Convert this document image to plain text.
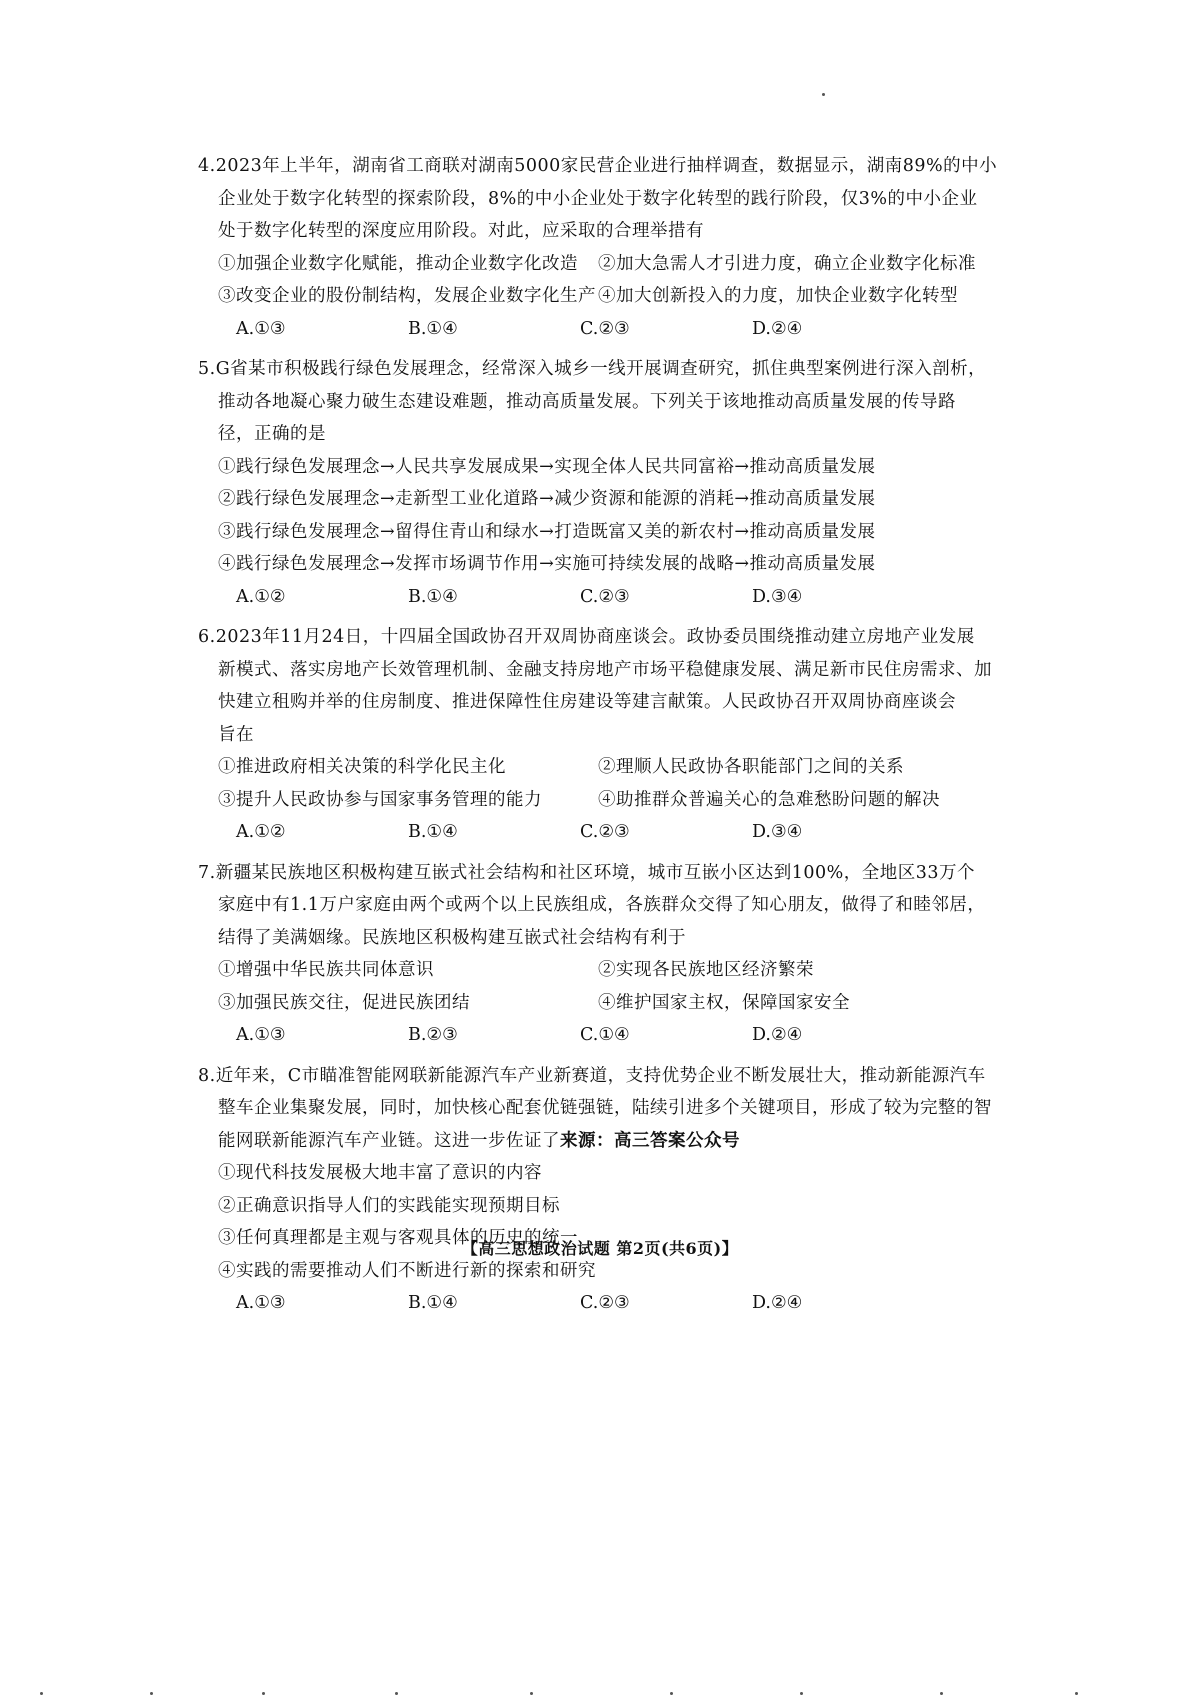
4.2023年上半年，湖南省工商联对湖南5000家民营企业进行抽样调查，数据显示，湖南89%的中小
企业处于数字化转型的探索阶段，8%的中小企业处于数字化转型的践行阶段，仅3%的中小企业
处于数字化转型的深度应用阶段。对此，应采取的合理举措有
①加强企业数字化赋能，推动企业数字化改造	②加大急需人才引进力度，确立企业数字化标准
③改变企业的股份制结构，发展企业数字化生产 ④加大创新投入的力度，加快企业数字化转型
A.①③	B.①④	C.②③	D.②④
5.G省某市积极践行绿色发展理念，经常深入城乡一线开展调查研究，抓住典型案例进行深入剖析，
推动各地凝心聚力破生态建设难题，推动高质量发展。下列关于该地推动高质量发展的传导路
径，正确的是
①践行绿色发展理念→人民共享发展成果→实现全体人民共同富裕→推动高质量发展
②践行绿色发展理念→走新型工业化道路→减少资源和能源的消耗→推动高质量发展
③践行绿色发展理念→留得住青山和绿水→打造既富又美的新农村→推动高质量发展
④践行绿色发展理念→发挥市场调节作用→实施可持续发展的战略→推动高质量发展
A.①②	B.①④	C.②③	D.③④
6.2023年11月24日，十四届全国政协召开双周协商座谈会。政协委员围绕推动建立房地产业发展
新模式、落实房地产长效管理机制、金融支持房地产市场平稳健康发展、满足新市民住房需求、加
快建立租购并举的住房制度、推进保障性住房建设等建言献策。人民政协召开双周协商座谈会
旨在
①推进政府相关决策的科学化民主化	②理顺人民政协各职能部门之间的关系
③提升人民政协参与国家事务管理的能力	④助推群众普遍关心的急难愁盼问题的解决
A.①②	B.①④	C.②③	D.③④
7.新疆某民族地区积极构建互嵌式社会结构和社区环境，城市互嵌小区达到100%，全地区33万个
家庭中有1.1万户家庭由两个或两个以上民族组成，各族群众交得了知心朋友，做得了和睦邻居，
结得了美满姻缘。民族地区积极构建互嵌式社会结构有利于
①增强中华民族共同体意识	②实现各民族地区经济繁荣
③加强民族交往，促进民族团结	④维护国家主权，保障国家安全
A.①③	B.②③	C.①④	D.②④
8.近年来，C市瞄准智能网联新能源汽车产业新赛道，支持优势企业不断发展壮大，推动新能源汽车
整车企业集聚发展，同时，加快核心配套优链强链，陆续引进多个关键项目，形成了较为完整的智
能网联新能源汽车产业链。这进一步佐证了来源：高三答案公众号
①现代科技发展极大地丰富了意识的内容
②正确意识指导人们的实践能实现预期目标
③任何真理都是主观与客观具体的历史的统一
④实践的需要推动人们不断进行新的探索和研究
A.①③	B.①④	C.②③	D.②④
【高三思想政治试题 第2页(共6页)】
